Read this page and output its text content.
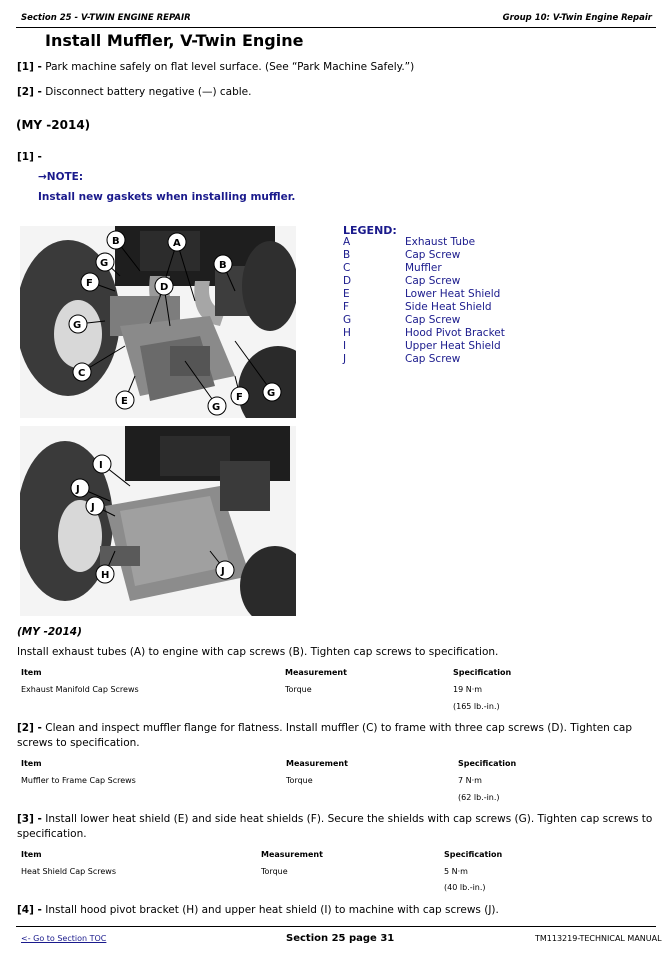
Section 25 - V-TWIN ENGINE REPAIR	Group 10: V-Twin Engine Repair
Install Muffler, V-Twin Engine
[1] - Park machine safely on flat level surface. (See “Park Machine Safely.”)
[2] - Disconnect battery negative (—) cable.
(MY -2014)
[1] -
→NOTE:
Install new gaskets when installing muffler.
A
B
B
G
F	D
G
C
E
G
F G
LEGEND:
A	Exhaust Tube
B	Cap Screw
C	Muffler
D	Cap Screw
E	Lower Heat Shield
F	Side Heat Shield
G	Cap Screw
H	Hood Pivot Bracket
I	Upper Heat Shield
J	Cap Screw
I
J
J
H	J
(MY -2014)
Install exhaust tubes (A) to engine with cap screws (B). Tighten cap screws to specification.
Item	Measurement	Specification
Exhaust Manifold Cap Screws	Torque	19 N·m
(165 lb.-in.)
[2] - Clean and inspect muffler flange for flatness. Install muffler (C) to frame with three cap screws (D). Tighten cap screws to specification.
Item	Measurement	Specification
Muffler to Frame Cap Screws	Torque	7 N·m
(62 lb.-in.)
[3] - Install lower heat shield (E) and side heat shields (F). Secure the shields with cap screws (G). Tighten cap screws to specification.
Item	Measurement	Specification
Heat Shield Cap Screws	Torque	5 N·m
(40 lb.-in.)
[4] - Install hood pivot bracket (H) and upper heat shield (I) to machine with cap screws (J).
<- Go to Section TOC	Section 25 page 31	TM113219-TECHNICAL MANUAL
